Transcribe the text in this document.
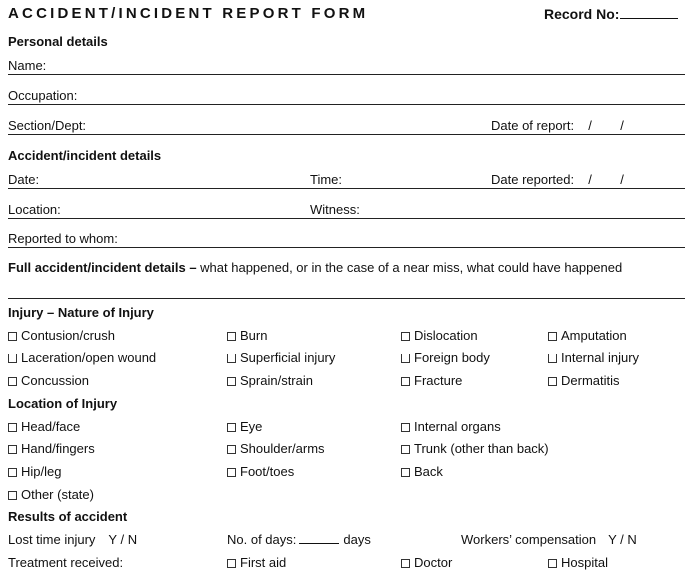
ACCIDENT/INCIDENT REPORT FORM	Record No:
Personal details
Name:
Occupation:
Section/Dept:	Date of report: / /
Accident/incident details
Date:	Time:	Date reported: / /
Location:	Witness:
Reported to whom:
Full accident/incident details – what happened, or in the case of a near miss, what could have happened
Injury – Nature of Injury
Contusion/crush	Burn	Dislocation	Amputation
Laceration/open wound	Superficial injury	Foreign body	Internal injury
Concussion	Sprain/strain	Fracture	Dermatitis
Location of Injury
Head/face	Eye	Internal organs
Hand/fingers	Shoulder/arms	Trunk (other than back)
Hip/leg	Foot/toes	Back
Other (state)
Results of accident
Lost time injury Y / N	No. of days:	days	Workers’ compensation Y / N
Treatment received:	First aid	Doctor	Hospital
